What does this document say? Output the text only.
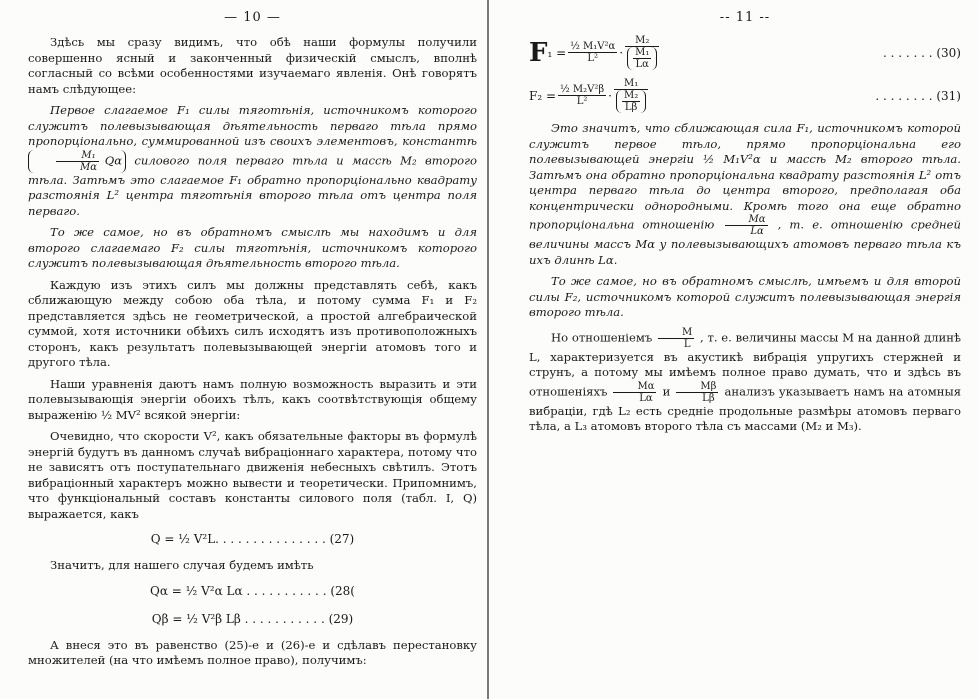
— 10 —

Здѣсь мы сразу видимъ, что обѣ наши формулы получили совершенно ясный и законченный физическій смыслъ, вполнѣ согласный со всѣми особенностями изучаемаго явленія. Онѣ говорятъ намъ слѣдующее:

Первое слагаемое F₁ силы тяготѣнія, источникомъ которого служитъ полевызывающая дѣятельность перваго тѣла прямо пропорціонально, суммированной изъ своихъ элементовъ, константѣ
$\frac{\text{M₁}}{M\alpha}$ Qα силового поля перваго тѣла и массѣ M₂ второго тѣла. Затѣмъ это слагаемое F₁ обратно пропорціонально квадрату разстоянія L² центра тяготѣнія второго тѣла отъ центра поля перваго.

То же самое, но въ обратномъ смыслѣ мы находимъ и для второго слагаемаго F₂ силы тяготѣнія, источникомъ которого служитъ полевызывающая дѣятельность второго тѣла.

Каждую изъ этихъ силъ мы должны представлять себѣ, какъ сближающую между собою оба тѣла, и потому сумма F₁ и F₂ представляется здѣсь не геометрической, а простой алгебраической суммой, хотя источники обѣихъ силъ исходятъ изъ противоположныхъ сторонъ, какъ результатъ полевызывающей энергіи атомовъ того и другого тѣла.

Наши уравненія даютъ намъ полную возможность выразить и эти полевызывающія энергіи обоихъ тѣлъ, какъ соотвѣтствующія общему выраженію ½ MV² всякой энергіи:

Очевидно, что скорости V², какъ обязательные факторы въ формулѣ энергій будутъ въ данномъ случаѣ вибраціоннаго характера, потому что не зависятъ отъ поступательнаго движенія небесныхъ свѣтилъ. Этотъ вибраціонный характеръ можно вывести и теоретически. Припомнимъ, что функціональный составъ константы силового поля (табл. I, Q) выражается, какъ

Q = ½ V²L. . . . . . . . . . . . . . . (27)

Значитъ, для нашего случая будемъ имѣть

Qα = ½ V²α Lα . . . . . . . . . . . (28(
Qβ = ½ V²β Lβ . . . . . . . . . . . (29)

А внеся это въ равенство (25)-е и (26)-е и сдѣлавъ перестановку множителей (на что имѣемъ полное право), получимъ:

-- 11 --
F $_1 = \frac{\text{½ M₁V²α}}{\text{L²}} \cdot \frac{\text{M₂}}{\frac{\text{M₁}}{L\alpha}}$	. . . . . . . (30)
$F_2 = \frac{\text{½ M₂V²β}}{\text{L²}} \cdot \frac{\text{M₁}}{\frac{\text{M₂}}{L\beta}}$	. . . . . . . . (31)

Это значитъ, что сближающая сила F₁, источникомъ которой служитъ первое тѣло, прямо пропорціональна его полевызывающей энергіи ½ M₁V²α и массѣ M₂ второго тѣла. Затѣмъ она обратно пропорціональна квадрату разстоянія L² отъ центра перваго тѣла до центра второго, предполагая оба концентрически однородными. Кромѣ того она еще обратно пропорціональна отношенію $\frac{M\alpha}{L\alpha}$ , т. е. отношенію средней величины массъ Mα у полевызывающихъ атомовъ перваго тѣла къ ихъ длинѣ Lα.

То же самое, но въ обратномъ смыслѣ, имѣемъ и для второй силы F₂, источникомъ которой служитъ полевызывающая энергія второго тѣла.

Но отношеніемъ $\frac{M}{L}$ , т. е. величины массы M на данной длинѣ L, характеризуется въ акустикѣ вибрація упругихъ стержней и струнъ, а потому мы имѣемъ полное право думать, что и здѣсь въ отношеніяхъ $\frac{M\alpha}{L\alpha}$ и $\frac{M\beta}{L\beta}$ анализъ указываетъ намъ на атомныя вибраціи, гдѣ L₂ есть средніе продольные размѣры атомовъ перваго тѣла, а L₃ атомовъ второго тѣла съ массами (M₂ и M₃).
